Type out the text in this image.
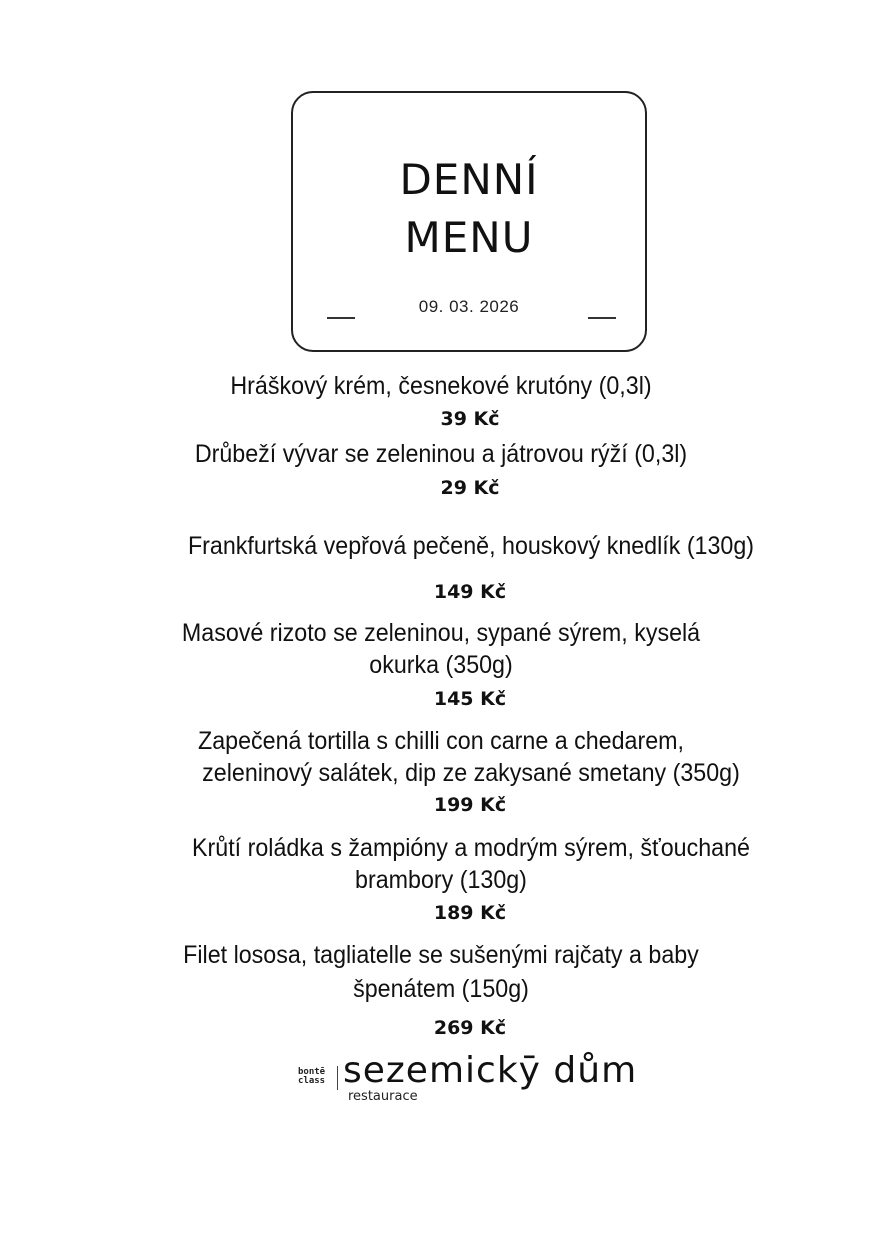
DENNÍ
MENU
09. 03. 2026
Hráškový krém, česnekové krutóny (0,3l)
39 Kč
Drůbeží vývar se zeleninou a játrovou rýží (0,3l)
29 Kč
Frankfurtská vepřová pečeně, houskový knedlík (130g)
149 Kč
Masové rizoto se zeleninou, sypané sýrem, kyselá
okurka (350g)
145 Kč
Zapečená tortilla s chilli con carne a chedarem,
zeleninový salátek, dip ze zakysané smetany (350g)
199 Kč
Krůtí roládka s žampióny a modrým sýrem, šťouchané
brambory (130g)
189 Kč
Filet lososa, tagliatelle se sušenými rajčaty a baby
špenátem (150g)
269 Kč
bontē
class sezemickȳ dům
restaurace
